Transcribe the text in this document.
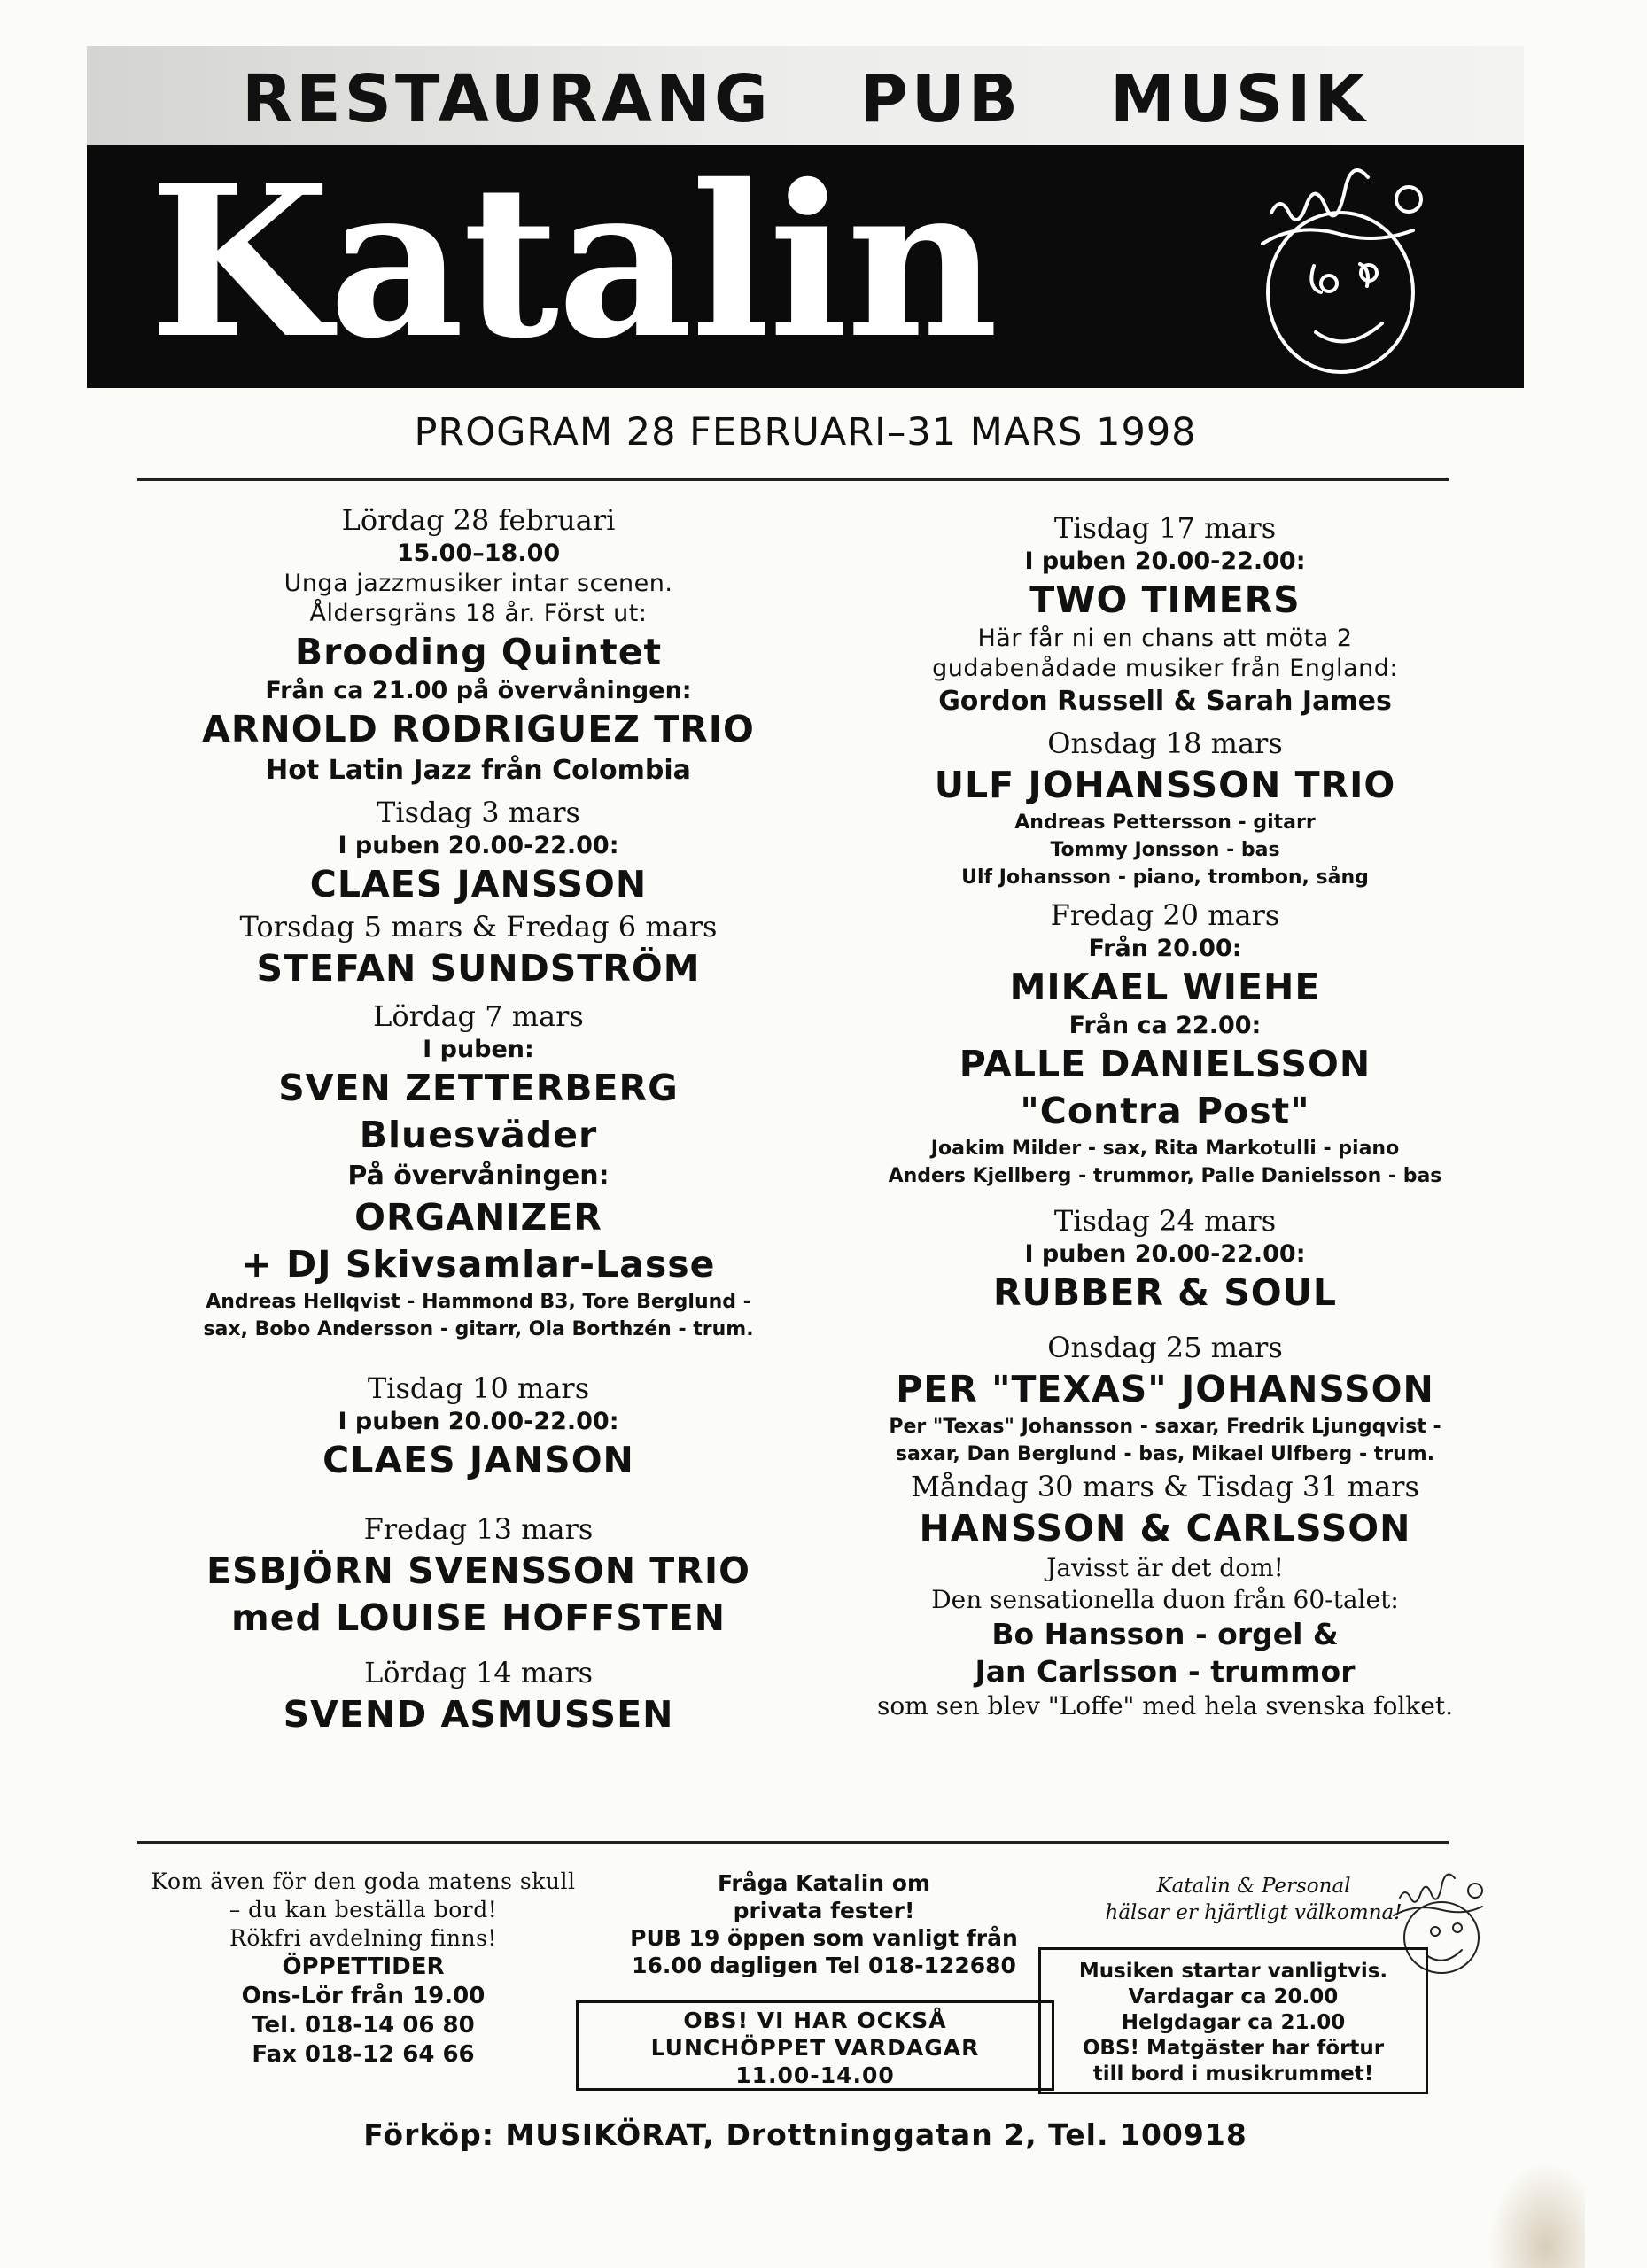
RESTAURANG PUB MUSIK
Katalin
PROGRAM 28 FEBRUARI–31 MARS 1998
Lördag 28 februari
15.00–18.00
Unga jazzmusiker intar scenen.
Åldersgräns 18 år. Först ut:
Brooding Quintet
Från ca 21.00 på övervåningen:
ARNOLD RODRIGUEZ TRIO
Hot Latin Jazz från Colombia
Tisdag 3 mars
I puben 20.00-22.00:
CLAES JANSSON
Torsdag 5 mars & Fredag 6 mars
STEFAN SUNDSTRÖM
Lördag 7 mars
I puben:
SVEN ZETTERBERG
Bluesväder
På övervåningen:
ORGANIZER
+ DJ Skivsamlar-Lasse
Andreas Hellqvist - Hammond B3, Tore Berglund -
sax, Bobo Andersson - gitarr, Ola Borthzén - trum.
Tisdag 10 mars
I puben 20.00-22.00:
CLAES JANSON
Fredag 13 mars
ESBJÖRN SVENSSON TRIO
med LOUISE HOFFSTEN
Lördag 14 mars
SVEND ASMUSSEN
Tisdag 17 mars
I puben 20.00-22.00:
TWO TIMERS
Här får ni en chans att möta 2
gudabenådade musiker från England:
Gordon Russell & Sarah James
Onsdag 18 mars
ULF JOHANSSON TRIO
Andreas Pettersson - gitarr
Tommy Jonsson - bas
Ulf Johansson - piano, trombon, sång
Fredag 20 mars
Från 20.00:
MIKAEL WIEHE
Från ca 22.00:
PALLE DANIELSSON
"Contra Post"
Joakim Milder - sax, Rita Markotulli - piano
Anders Kjellberg - trummor, Palle Danielsson - bas
Tisdag 24 mars
I puben 20.00-22.00:
RUBBER & SOUL
Onsdag 25 mars
PER "TEXAS" JOHANSSON
Per "Texas" Johansson - saxar, Fredrik Ljungqvist -
saxar, Dan Berglund - bas, Mikael Ulfberg - trum.
Måndag 30 mars & Tisdag 31 mars
HANSSON & CARLSSON
Javisst är det dom!
Den sensationella duon från 60-talet:
Bo Hansson - orgel &
Jan Carlsson - trummor
som sen blev "Loffe" med hela svenska folket.
Kom även för den goda matens skull
– du kan beställa bord!
Rökfri avdelning finns!
ÖPPETTIDER
Ons-Lör från 19.00
Tel. 018-14 06 80
Fax 018-12 64 66
Fråga Katalin om
privata fester!
PUB 19 öppen som vanligt från
16.00 dagligen Tel 018-122680
OBS! VI HAR OCKSÅ
LUNCHÖPPET VARDAGAR
11.00-14.00
Katalin & Personal
hälsar er hjärtligt välkomna!
Musiken startar vanligtvis.
Vardagar ca 20.00
Helgdagar ca 21.00
OBS! Matgäster har förtur
till bord i musikrummet!
Förköp: MUSIKÖRAT, Drottninggatan 2, Tel. 100918
